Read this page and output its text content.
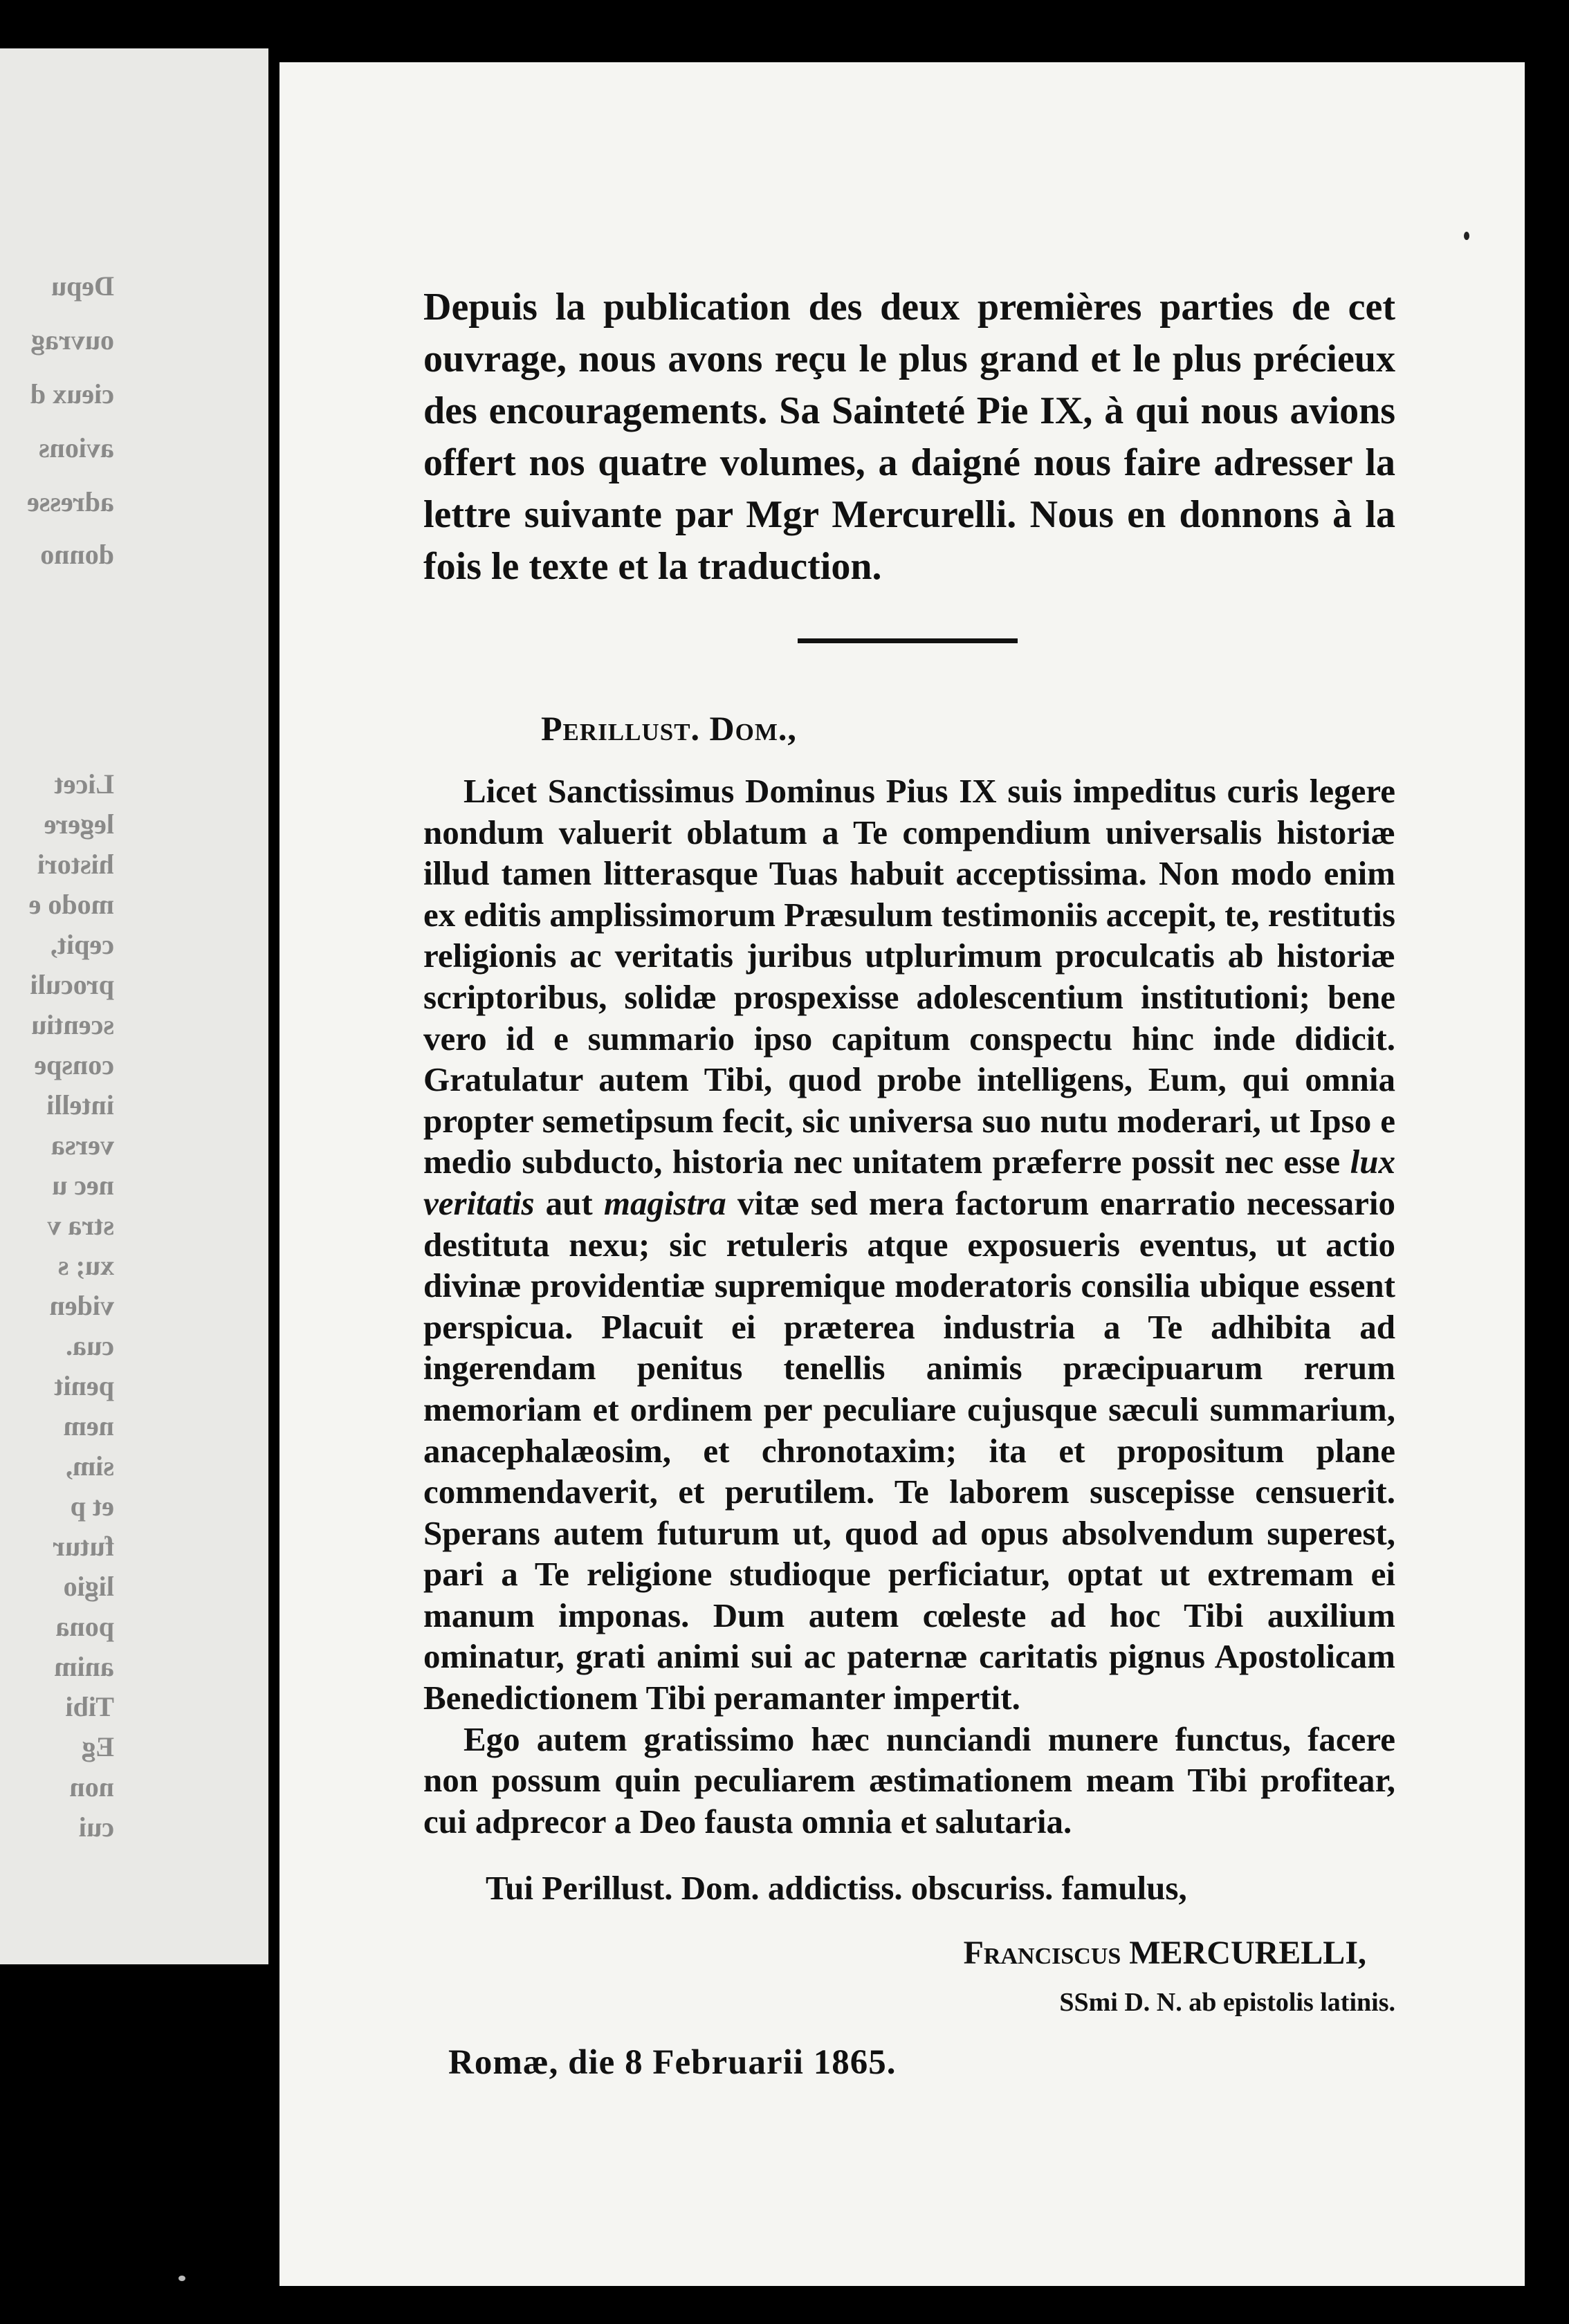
Depu
ouvrag
cieux d
avions
adresse
donno
Licet
legere
histori
modo e
cepit,
proculi
scentiu
conspe
intelli
versa
nec u
stra v
xu; s
viden
cua.
penit
nem
sim,
et p
futur
ligio
pona
anim
Tibi
Eg
non
cui

Depuis la publication des deux premières parties de cet ouvrage, nous avons reçu le plus grand et le plus précieux des encouragements. Sa Sainteté Pie IX, à qui nous avions offert nos quatre volumes, a daigné nous faire adresser la lettre suivante par Mgr Mercurelli. Nous en donnons à la fois le texte et la traduction.

Perillust. Dom.,

Licet Sanctissimus Dominus Pius IX suis impeditus curis legere nondum valuerit oblatum a Te compendium universalis historiæ illud tamen litterasque Tuas habuit acceptissima. Non modo enim ex editis amplissimorum Præsulum testimoniis accepit, te, restitutis religionis ac veritatis juribus utplurimum proculcatis ab historiæ scriptoribus, solidæ prospexisse adolescentium institutioni; bene vero id e summario ipso capitum conspectu hinc inde didicit. Gratulatur autem Tibi, quod probe intelligens, Eum, qui omnia propter semetipsum fecit, sic universa suo nutu moderari, ut Ipso e medio subducto, historia nec unitatem præferre possit nec esse lux veritatis aut magistra vitæ sed mera factorum enarratio necessario destituta nexu; sic retuleris atque exposueris eventus, ut actio divinæ providentiæ supremique moderatoris consilia ubique essent perspicua. Placuit ei præterea industria a Te adhibita ad ingerendam penitus tenellis animis præcipuarum rerum memoriam et ordinem per peculiare cujusque sæculi summarium, anacephalæosim, et chronotaxim; ita et propositum plane commendaverit, et perutilem. Te laborem suscepisse censuerit. Sperans autem futurum ut, quod ad opus absolvendum superest, pari a Te religione studioque perficiatur, optat ut extremam ei manum imponas. Dum autem cœleste ad hoc Tibi auxilium ominatur, grati animi sui ac paternæ caritatis pignus Apostolicam Benedictionem Tibi peramanter impertit.

Ego autem gratissimo hæc nunciandi munere functus, facere non possum quin peculiarem æstimationem meam Tibi profitear, cui adprecor a Deo fausta omnia et salutaria.

Tui Perillust. Dom. addictiss. obscuriss. famulus,
Franciscus MERCURELLI,
SSmi D. N. ab epistolis latinis.
Romæ, die 8 Februarii 1865.
